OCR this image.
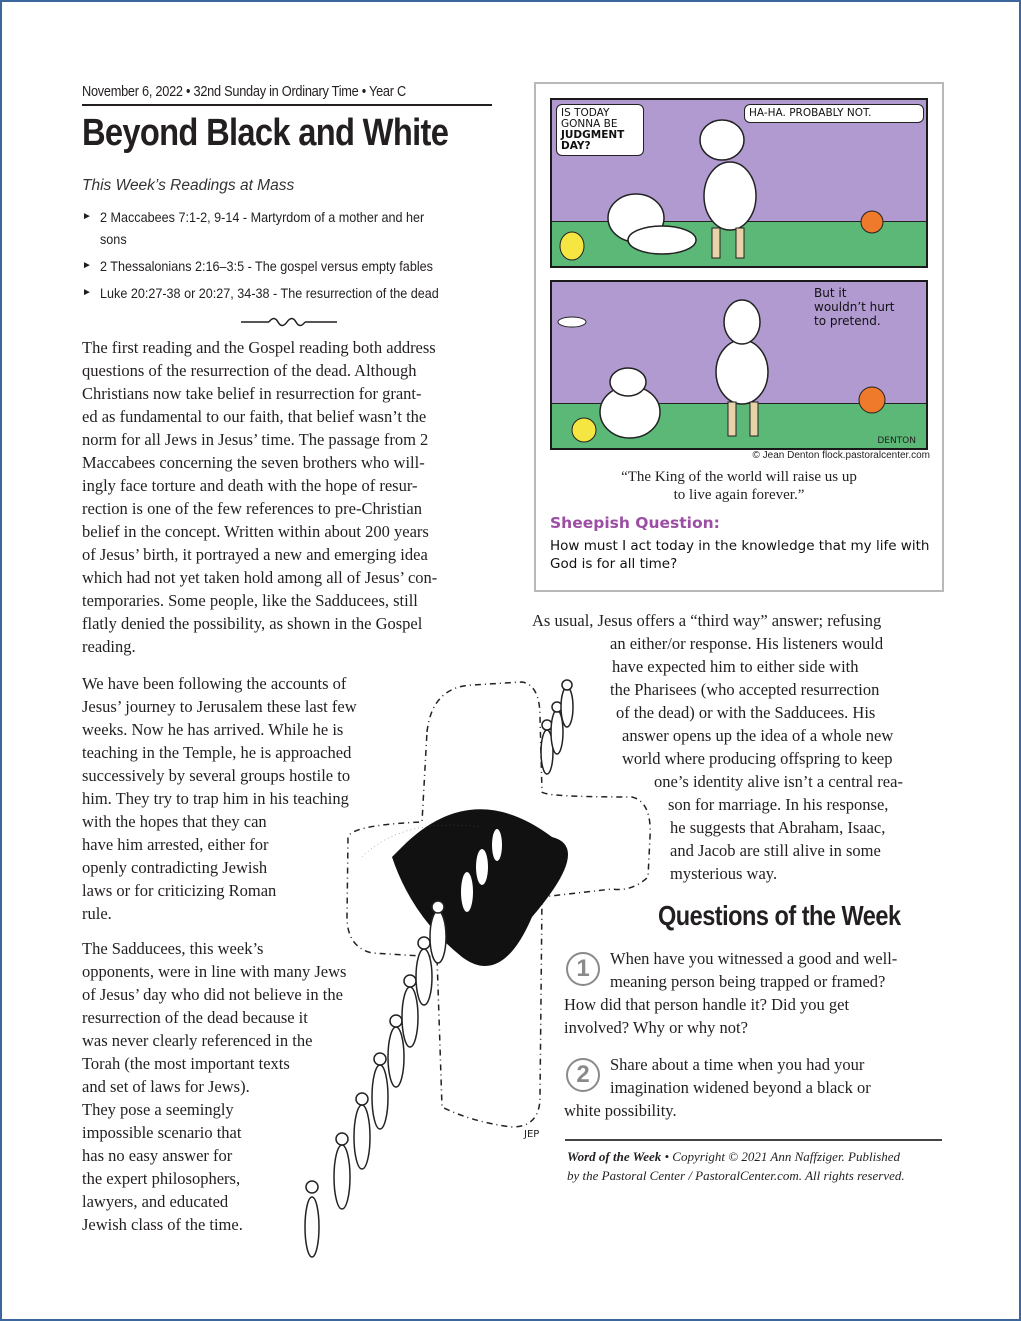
November 6, 2022 • 32nd Sunday in Ordinary Time • Year C
Beyond Black and White
This Week’s Readings at Mass
► 2 Maccabees 7:1-2, 9-14 - Martyrdom of a mother and her
sons
► 2 Thessalonians 2:16–3:5 - The gospel versus empty fables
► Luke 20:27-38 or 20:27, 34-38 - The resurrection of the dead
The first reading and the Gospel reading both address
questions of the resurrection of the dead. Although
Christians now take belief in resurrection for grant-
ed as fundamental to our faith, that belief wasn’t the
norm for all Jews in Jesus’ time. The passage from 2
Maccabees concerning the seven brothers who will-
ingly face torture and death with the hope of resur-
rection is one of the few references to pre-Christian
belief in the concept. Written within about 200 years
of Jesus’ birth, it portrayed a new and emerging idea
which had not yet taken hold among all of Jesus’ con-
temporaries. Some people, like the Sadducees, still
flatly denied the possibility, as shown in the Gospel
reading.
We have been following the accounts of
Jesus’ journey to Jerusalem these last few
weeks. Now he has arrived. While he is
teaching in the Temple, he is approached
successively by several groups hostile to
him. They try to trap him in his teaching
with the hopes that they can
have him arrested, either for
openly contradicting Jewish
laws or for criticizing Roman
rule.
The Sadducees, this week’s
opponents, were in line with many Jews
of Jesus’ day who did not believe in the
resurrection of the dead because it
was never clearly referenced in the
Torah (the most important texts
and set of laws for Jews).
They pose a seemingly
impossible scenario that
has no easy answer for
the expert philosophers,
lawyers, and educated
Jewish class of the time.
IS TODAY
GONNA BE
JUDGMENT
DAY?
HA-HA. PROBABLY NOT.
But it
wouldn’t hurt
to pretend.
DENTON
© Jean Denton flock.pastoralcenter.com
“The King of the world will raise us up
to live again forever.”
Sheepish Question:
How must I act today in the knowledge that my life with God is for all time?
As usual, Jesus offers a “third way” answer; refusing
an either/or response. His listeners would
have expected him to either side with
the Pharisees (who accepted resurrection
of the dead) or with the Sadducees. His
answer opens up the idea of a whole new
world where producing offspring to keep
one’s identity alive isn’t a central rea-
son for marriage. In his response,
he suggests that Abraham, Isaac,
and Jacob are still alive in some
mysterious way.
JEP
Questions of the Week
1	When have you witnessed a good and well-
meaning person being trapped or framed?
How did that person handle it? Did you get
involved? Why or why not?
2	Share about a time when you had your
imagination widened beyond a black or
white possibility.
Word of the Week • Copyright © 2021 Ann Naffziger. Published
by the Pastoral Center / PastoralCenter.com. All rights reserved.
